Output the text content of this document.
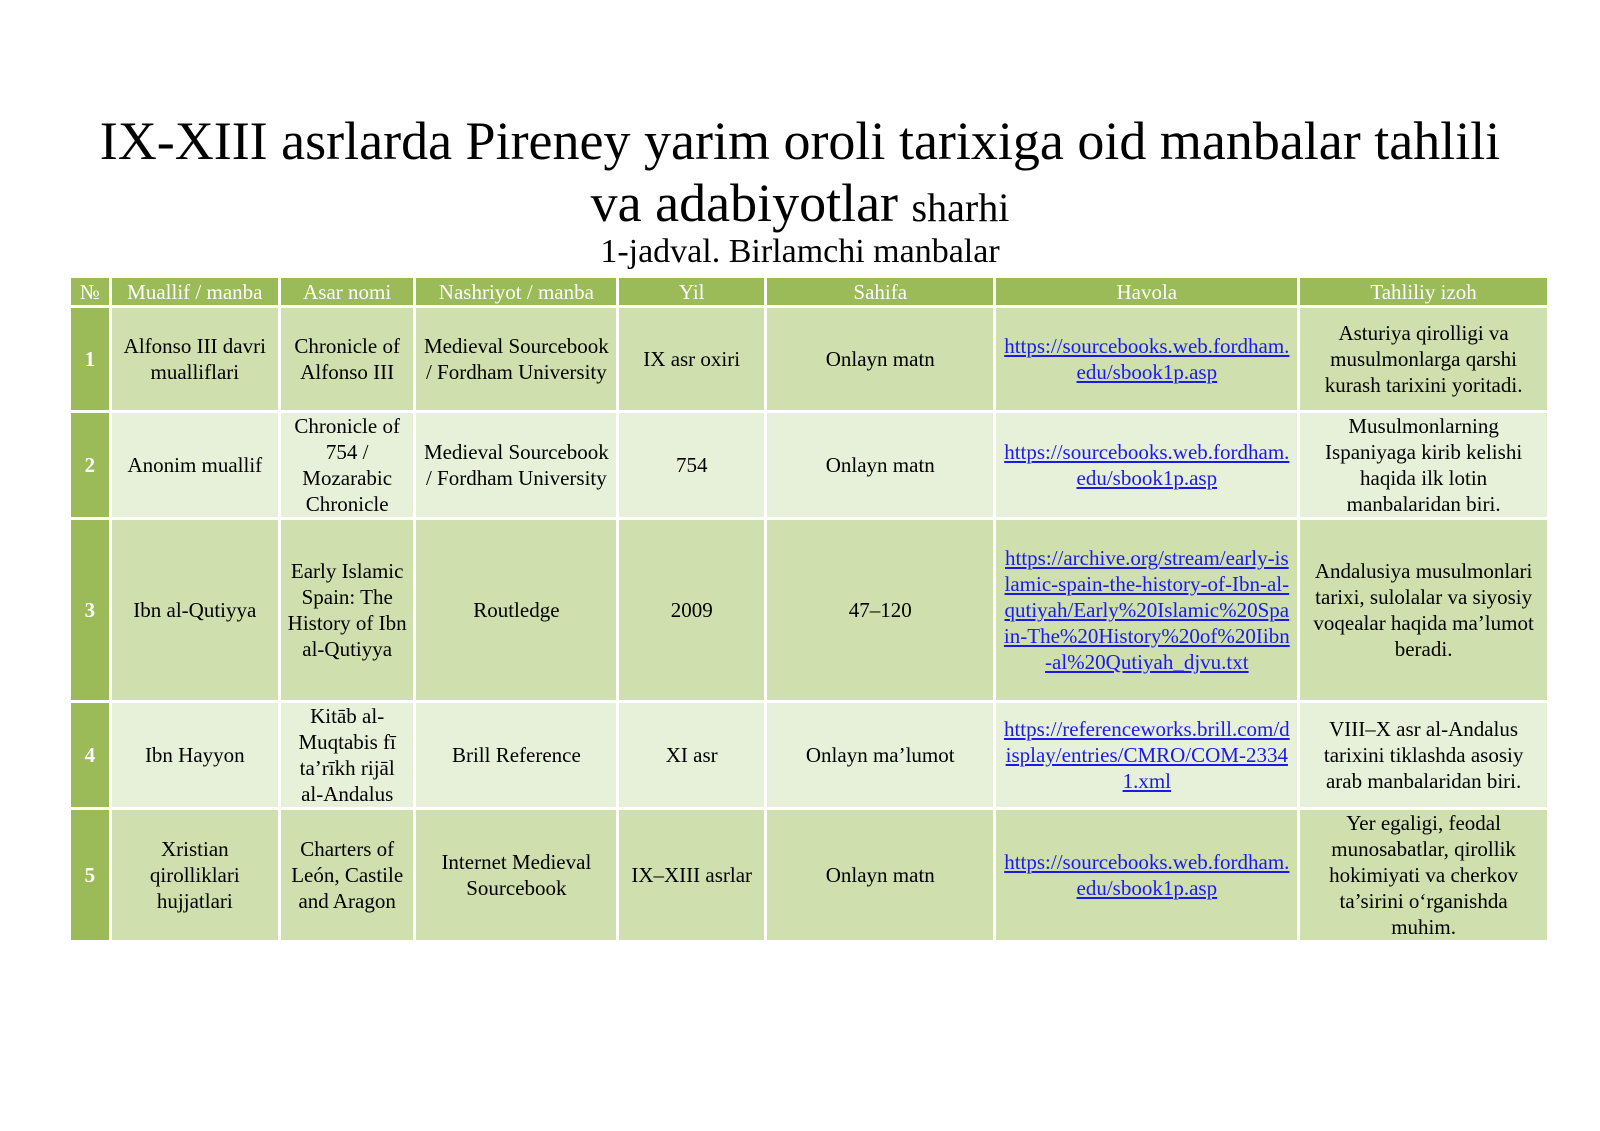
IX-XIII asrlarda Pireney yarim oroli tarixiga oid manbalar tahlili
va adabiyotlar sharhi
1-jadval. Birlamchi manbalar
№	Muallif / manba	Asar nomi	Nashriyot / manba	Yil	Sahifa	Havola	Tahliliy izoh
1	Alfonso III davri mualliflari	Chronicle of Alfonso III	Medieval Sourcebook / Fordham University	IX asr oxiri	Onlayn matn	https://sourcebooks.web.fordham.edu/sbook1p.asp	Asturiya qirolligi va musulmonlarga qarshi kurash tarixini yoritadi.
2	Anonim muallif	Chronicle of 754 / Mozarabic Chronicle	Medieval Sourcebook / Fordham University	754	Onlayn matn	https://sourcebooks.web.fordham.edu/sbook1p.asp	Musulmonlarning Ispaniyaga kirib kelishi haqida ilk lotin manbalaridan biri.
3	Ibn al-Qutiyya	Early Islamic Spain: The History of Ibn al-Qutiyya	Routledge	2009	47–120	https://archive.org/stream/early-islamic-spain-the-history-of-Ibn-al-qutiyah/Early%20Islamic%20Spain-The%20History%20of%20Iibn-al%20Qutiyah_djvu.txt	Andalusiya musulmonlari tarixi, sulolalar va siyosiy voqealar haqida ma’lumot beradi.
4	Ibn Hayyon	Kitāb al-Muqtabis fī ta’rīkh rijāl al-Andalus	Brill Reference	XI asr	Onlayn ma’lumot	https://referenceworks.brill.com/display/entries/CMRO/COM-23341.xml	VIII–X asr al-Andalus tarixini tiklashda asosiy arab manbalaridan biri.
5	Xristian qirolliklari hujjatlari	Charters of León, Castile and Aragon	Internet Medieval Sourcebook	IX–XIII asrlar	Onlayn matn	https://sourcebooks.web.fordham.edu/sbook1p.asp	Yer egaligi, feodal munosabatlar, qirollik hokimiyati va cherkov ta’sirini o‘rganishda muhim.
